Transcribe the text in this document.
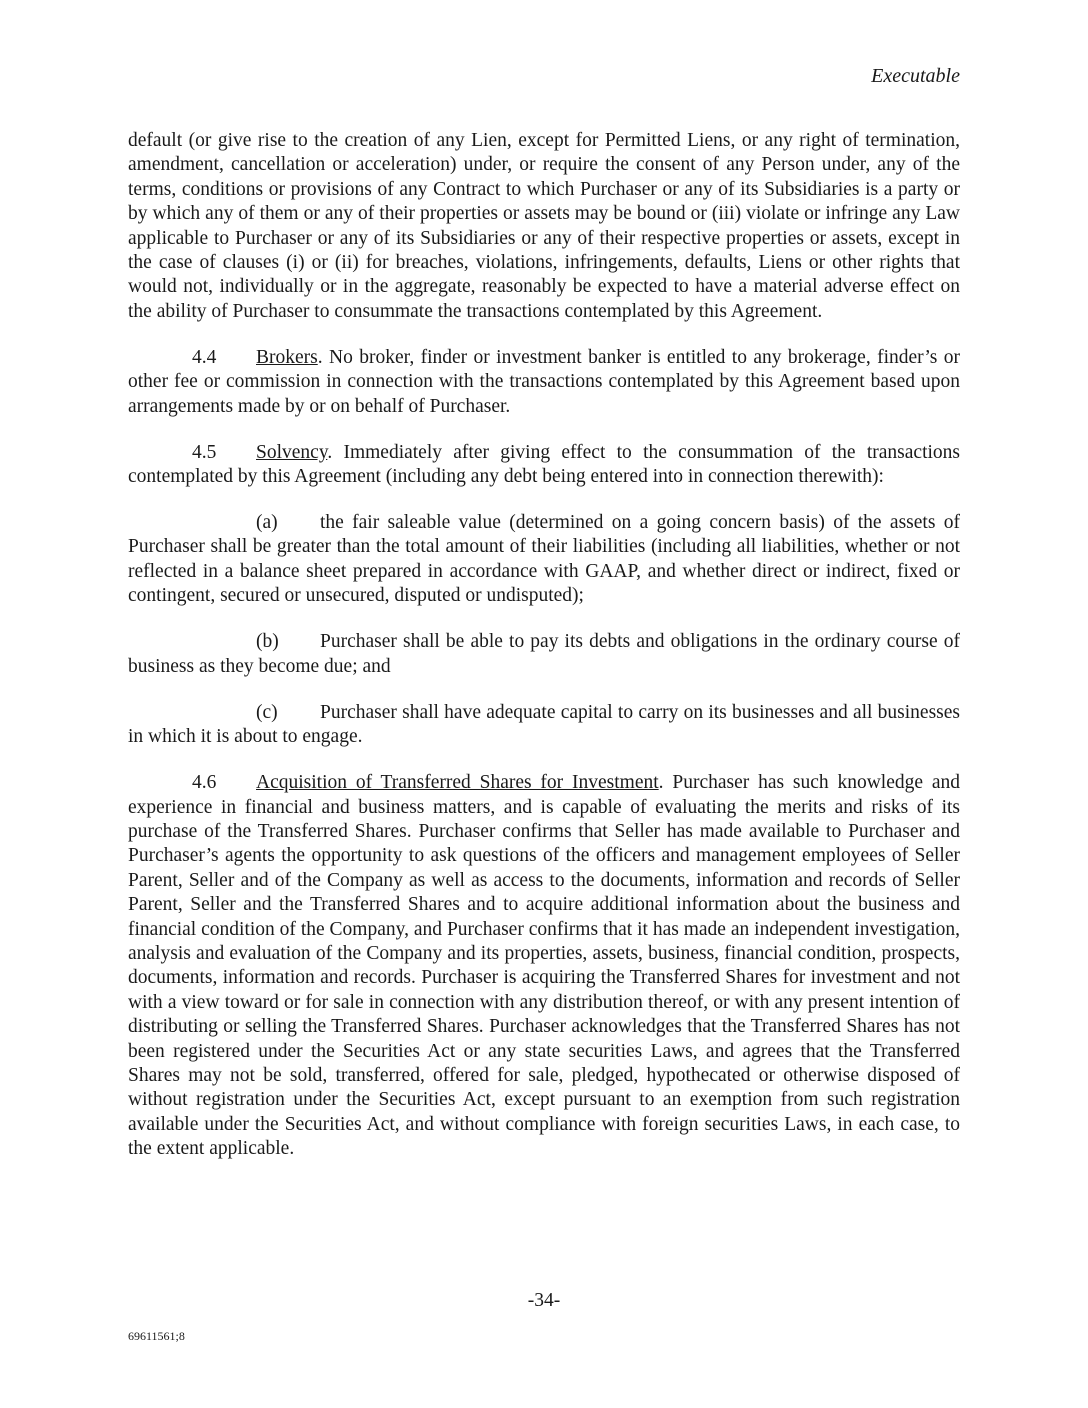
Executable

default (or give rise to the creation of any Lien, except for Permitted Liens, or any right of termination, amendment, cancellation or acceleration) under, or require the consent of any Person under, any of the terms, conditions or provisions of any Contract to which Purchaser or any of its Subsidiaries is a party or by which any of them or any of their properties or assets may be bound or (iii) violate or infringe any Law applicable to Purchaser or any of its Subsidiaries or any of their respective properties or assets, except in the case of clauses (i) or (ii) for breaches, violations, infringements, defaults, Liens or other rights that would not, individually or in the aggregate, reasonably be expected to have a material adverse effect on the ability of Purchaser to consummate the transactions contemplated by this Agreement.

4.4 Brokers. No broker, finder or investment banker is entitled to any brokerage, finder’s or other fee or commission in connection with the transactions contemplated by this Agreement based upon arrangements made by or on behalf of Purchaser.

4.5 Solvency. Immediately after giving effect to the consummation of the transactions contemplated by this Agreement (including any debt being entered into in connection therewith):

(a) the fair saleable value (determined on a going concern basis) of the assets of Purchaser shall be greater than the total amount of their liabilities (including all liabilities, whether or not reflected in a balance sheet prepared in accordance with GAAP, and whether direct or indirect, fixed or contingent, secured or unsecured, disputed or undisputed);

(b) Purchaser shall be able to pay its debts and obligations in the ordinary course of business as they become due; and

(c) Purchaser shall have adequate capital to carry on its businesses and all businesses in which it is about to engage.

4.6 Acquisition of Transferred Shares for Investment. Purchaser has such knowledge and experience in financial and business matters, and is capable of evaluating the merits and risks of its purchase of the Transferred Shares. Purchaser confirms that Seller has made available to Purchaser and Purchaser’s agents the opportunity to ask questions of the officers and management employees of Seller Parent, Seller and of the Company as well as access to the documents, information and records of Seller Parent, Seller and the Transferred Shares and to acquire additional information about the business and financial condition of the Company, and Purchaser confirms that it has made an independent investigation, analysis and evaluation of the Company and its properties, assets, business, financial condition, prospects, documents, information and records. Purchaser is acquiring the Transferred Shares for investment and not with a view toward or for sale in connection with any distribution thereof, or with any present intention of distributing or selling the Transferred Shares. Purchaser acknowledges that the Transferred Shares has not been registered under the Securities Act or any state securities Laws, and agrees that the Transferred Shares may not be sold, transferred, offered for sale, pledged, hypothecated or otherwise disposed of without registration under the Securities Act, except pursuant to an exemption from such registration available under the Securities Act, and without compliance with foreign securities Laws, in each case, to the extent applicable.

-34-
69611561;8
